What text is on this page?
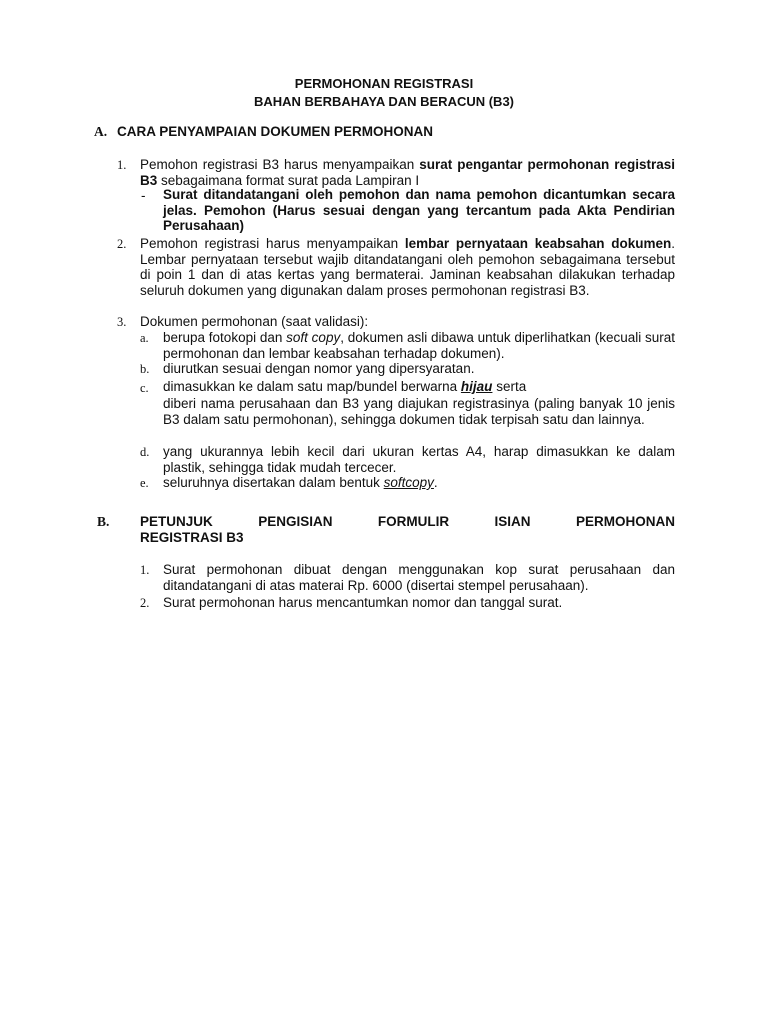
PERMOHONAN REGISTRASI
BAHAN BERBAHAYA DAN BERACUN (B3)
A. CARA PENYAMPAIAN DOKUMEN PERMOHONAN
1. Pemohon registrasi B3 harus menyampaikan surat pengantar permohonan registrasi B3 sebagaimana format surat pada Lampiran I
- Surat ditandatangani oleh pemohon dan nama pemohon dicantumkan secara jelas. Pemohon (Harus sesuai dengan yang tercantum pada Akta Pendirian Perusahaan)
2. Pemohon registrasi harus menyampaikan lembar pernyataan keabsahan dokumen. Lembar pernyataan tersebut wajib ditandatangani oleh pemohon sebagaimana tersebut di poin 1 dan di atas kertas yang bermaterai. Jaminan keabsahan dilakukan terhadap seluruh dokumen yang digunakan dalam proses permohonan registrasi B3.
3. Dokumen permohonan (saat validasi):
a. berupa fotokopi dan soft copy, dokumen asli dibawa untuk diperlihatkan (kecuali surat permohonan dan lembar keabsahan terhadap dokumen).
b. diurutkan sesuai dengan nomor yang dipersyaratan.
c. dimasukkan ke dalam satu map/bundel berwarna hijau serta
diberi nama perusahaan dan B3 yang diajukan registrasinya (paling banyak 10 jenis B3 dalam satu permohonan), sehingga dokumen tidak terpisah satu dan lainnya.
d. yang ukurannya lebih kecil dari ukuran kertas A4, harap dimasukkan ke dalam plastik, sehingga tidak mudah tercecer.
e. seluruhnya disertakan dalam bentuk softcopy.
B. PETUNJUK	PENGISIAN	FORMULIR	ISIAN	PERMOHONAN
REGISTRASI B3
1. Surat permohonan dibuat dengan menggunakan kop surat perusahaan dan ditandatangani di atas materai Rp. 6000 (disertai stempel perusahaan).
2. Surat permohonan harus mencantumkan nomor dan tanggal surat.
